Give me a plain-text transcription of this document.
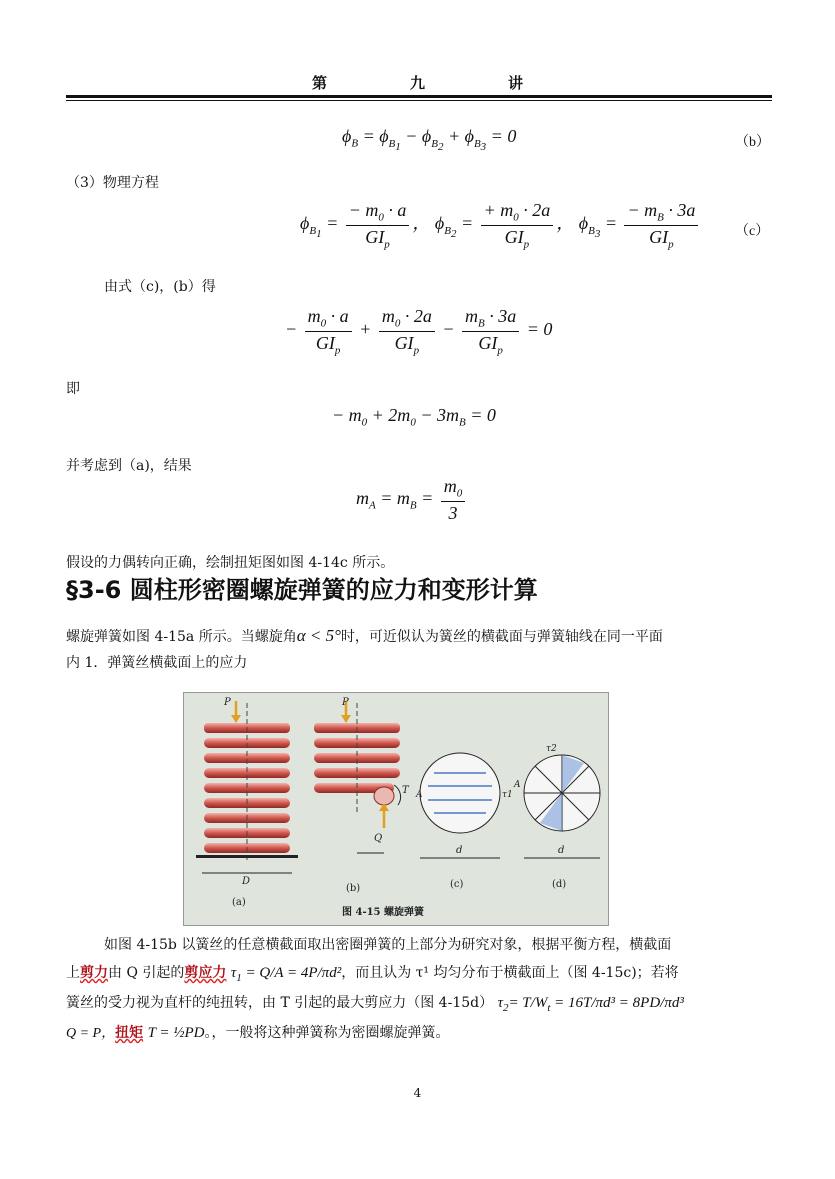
第　九　讲
$\phi_B = \phi_{B_1} - \phi_{B_2} + \phi_{B_3} = 0$	（b）
（3）物理方程
$\phi_{B_1} = \frac{- m_0 \cdot a}{GI_p}$ ， $\phi_{B_2} = \frac{+ m_0 \cdot 2a}{GI_p}$ ， $\phi_{B_3} = \frac{- m_B \cdot 3a}{GI_p}$	（c）
由式（c)，(b）得
− $\frac{m_0 \cdot a}{GI_p} + \frac{m_0 \cdot 2a}{GI_p} - \frac{m_B \cdot 3a}{GI_p} = 0$
即
− $m_0 + 2m_0 - 3m_B = 0$
并考虑到（a)，结果
$m_A = m_B = \frac{m_0}{3}$
假设的力偶转向正确，绘制扭矩图如图 4-14c 所示。
§3-6 圆柱形密圈螺旋弹簧的应力和变形计算
螺旋弹簧如图 4-15a 所示。当螺旋角α < 5°时，可近似认为簧丝的横截面与弹簧轴线在同一平面
内 1．弹簧丝横截面上的应力
P
D
(a)
P
T
Q
(b)
A	τ1
d
(c)
τ2
A
d
(d)
图 4-15 螺旋弹簧
如图 4-15b 以簧丝的任意横截面取出密圈弹簧的上部分为研究对象，根据平衡方程，横截面
上剪力由 Q 引起的剪应力 $\tau_1 = Q/A = 4P/\pi d^2$，而且认为 τ¹ 均匀分布于横截面上（图 4-15c)；若将
簧丝的受力视为直杆的纯扭转，由 T 引起的最大剪应力（图 4-15d） $\tau_2= T/W_t = 16T/\pi d^3 = 8PD/\pi d^3$
Q = P，扭矩 T = ½PD。，一般将这种弹簧称为密圈螺旋弹簧。
4
